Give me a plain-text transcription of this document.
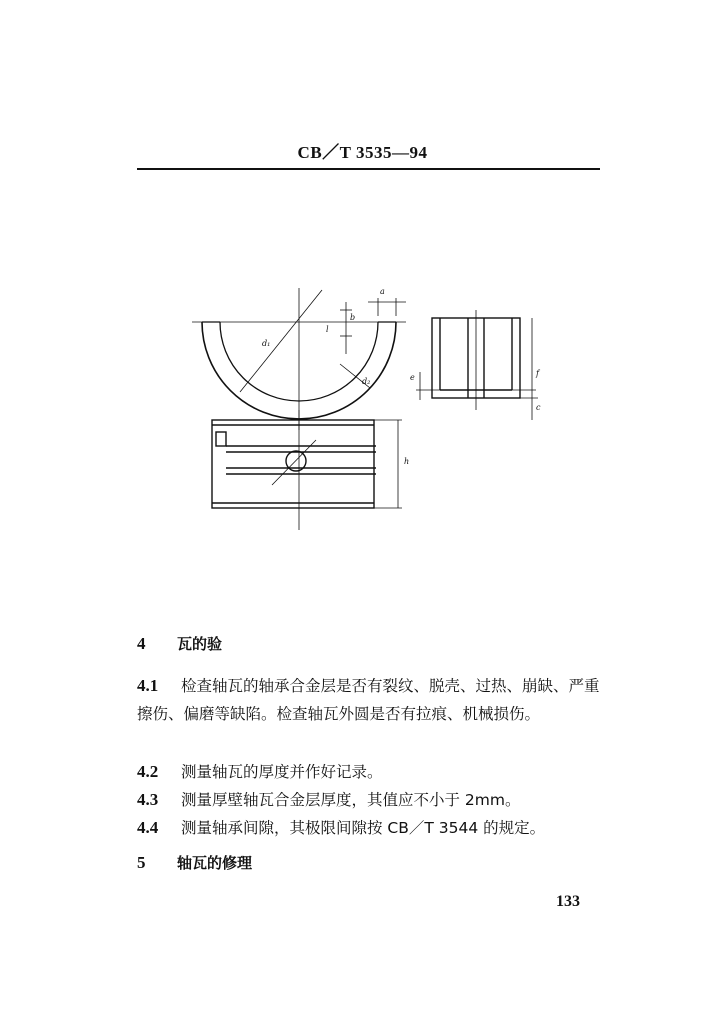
CB／T 3535—94
d₁
l
d₂
a
b
c
e	f
h
4 瓦的验
4.1 检查轴瓦的轴承合金层是否有裂纹、脱壳、过热、崩缺、严重擦伤、偏磨等缺陷。检查轴瓦外圆是否有拉痕、机械损伤。
4.2 测量轴瓦的厚度并作好记录。
4.3 测量厚壁轴瓦合金层厚度，其值应不小于 2mm。
4.4 测量轴承间隙，其极限间隙按 CB／T 3544 的规定。
5 轴瓦的修理
133
